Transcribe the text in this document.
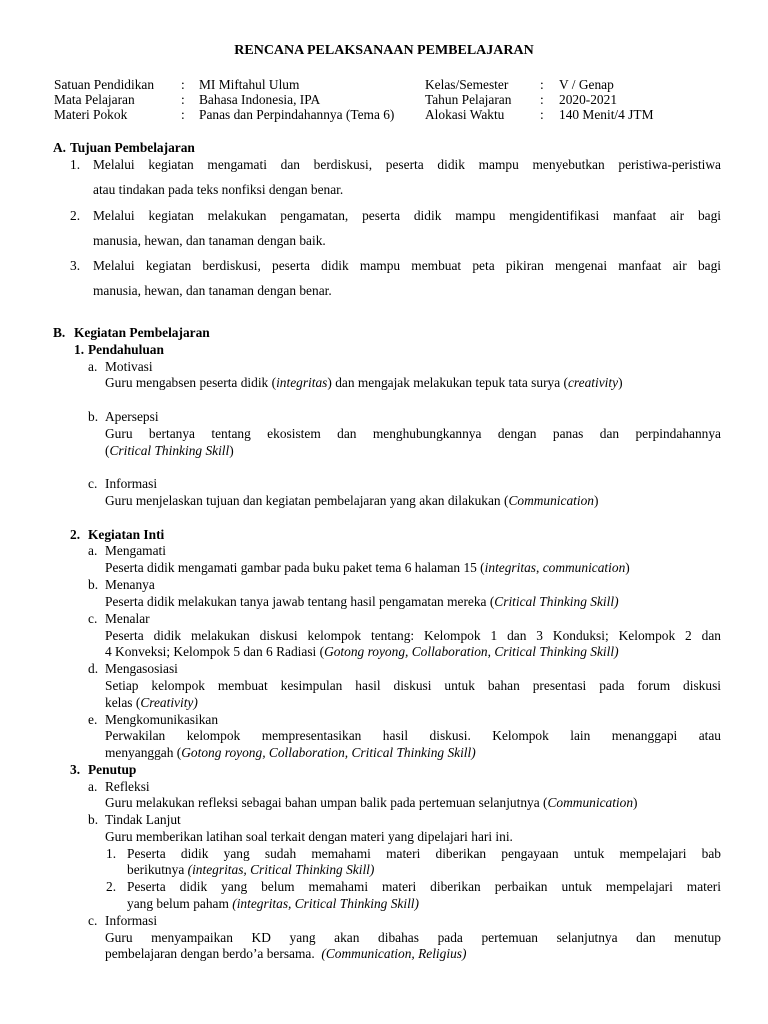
RENCANA PELAKSANAAN PEMBELAJARAN
Satuan Pendidikan : MI Miftahul Ulum	Kelas/Semester : V / Genap
Mata Pelajaran	: Bahasa Indonesia, IPA	Tahun Pelajaran : 2020-2021
Materi Pokok	: Panas dan Perpindahannya (Tema 6) Alokasi Waktu	: 140 Menit/4 JTM
A. Tujuan Pembelajaran
1. Melalui kegiatan mengamati dan berdiskusi, peserta didik mampu menyebutkan peristiwa-peristiwa
atau tindakan pada teks nonfiksi dengan benar.
2. Melalui kegiatan melakukan pengamatan, peserta didik mampu mengidentifikasi manfaat air bagi
manusia, hewan, dan tanaman dengan baik.
3. Melalui kegiatan berdiskusi, peserta didik mampu membuat peta pikiran mengenai manfaat air bagi
manusia, hewan, dan tanaman dengan benar.
B. Kegiatan Pembelajaran
1. Pendahuluan
a. Motivasi
Guru mengabsen peserta didik (integritas) dan mengajak melakukan tepuk tata surya (creativity)
b. Apersepsi
Guru bertanya tentang ekosistem dan menghubungkannya dengan panas dan perpindahannya
(Critical Thinking Skill)
c. Informasi
Guru menjelaskan tujuan dan kegiatan pembelajaran yang akan dilakukan (Communication)
2. Kegiatan Inti
a. Mengamati
Peserta didik mengamati gambar pada buku paket tema 6 halaman 15 (integritas, communication)
b. Menanya
Peserta didik melakukan tanya jawab tentang hasil pengamatan mereka (Critical Thinking Skill)
c. Menalar
Peserta didik melakukan diskusi kelompok tentang: Kelompok 1 dan 3 Konduksi; Kelompok 2 dan
4 Konveksi; Kelompok 5 dan 6 Radiasi (Gotong royong, Collaboration, Critical Thinking Skill)
d. Mengasosiasi
Setiap kelompok membuat kesimpulan hasil diskusi untuk bahan presentasi pada forum diskusi
kelas (Creativity)
e. Mengkomunikasikan
Perwakilan kelompok mempresentasikan hasil diskusi. Kelompok lain menanggapi atau
menyanggah (Gotong royong, Collaboration, Critical Thinking Skill)
3. Penutup
a. Refleksi
Guru melakukan refleksi sebagai bahan umpan balik pada pertemuan selanjutnya (Communication)
b. Tindak Lanjut
Guru memberikan latihan soal terkait dengan materi yang dipelajari hari ini.
1. Peserta didik yang sudah memahami materi diberikan pengayaan untuk mempelajari bab
berikutnya (integritas, Critical Thinking Skill)
2. Peserta didik yang belum memahami materi diberikan perbaikan untuk mempelajari materi
yang belum paham (integritas, Critical Thinking Skill)
c. Informasi
Guru menyampaikan KD yang akan dibahas pada pertemuan selanjutnya dan menutup
pembelajaran dengan berdo’a bersama.  (Communication, Religius)
